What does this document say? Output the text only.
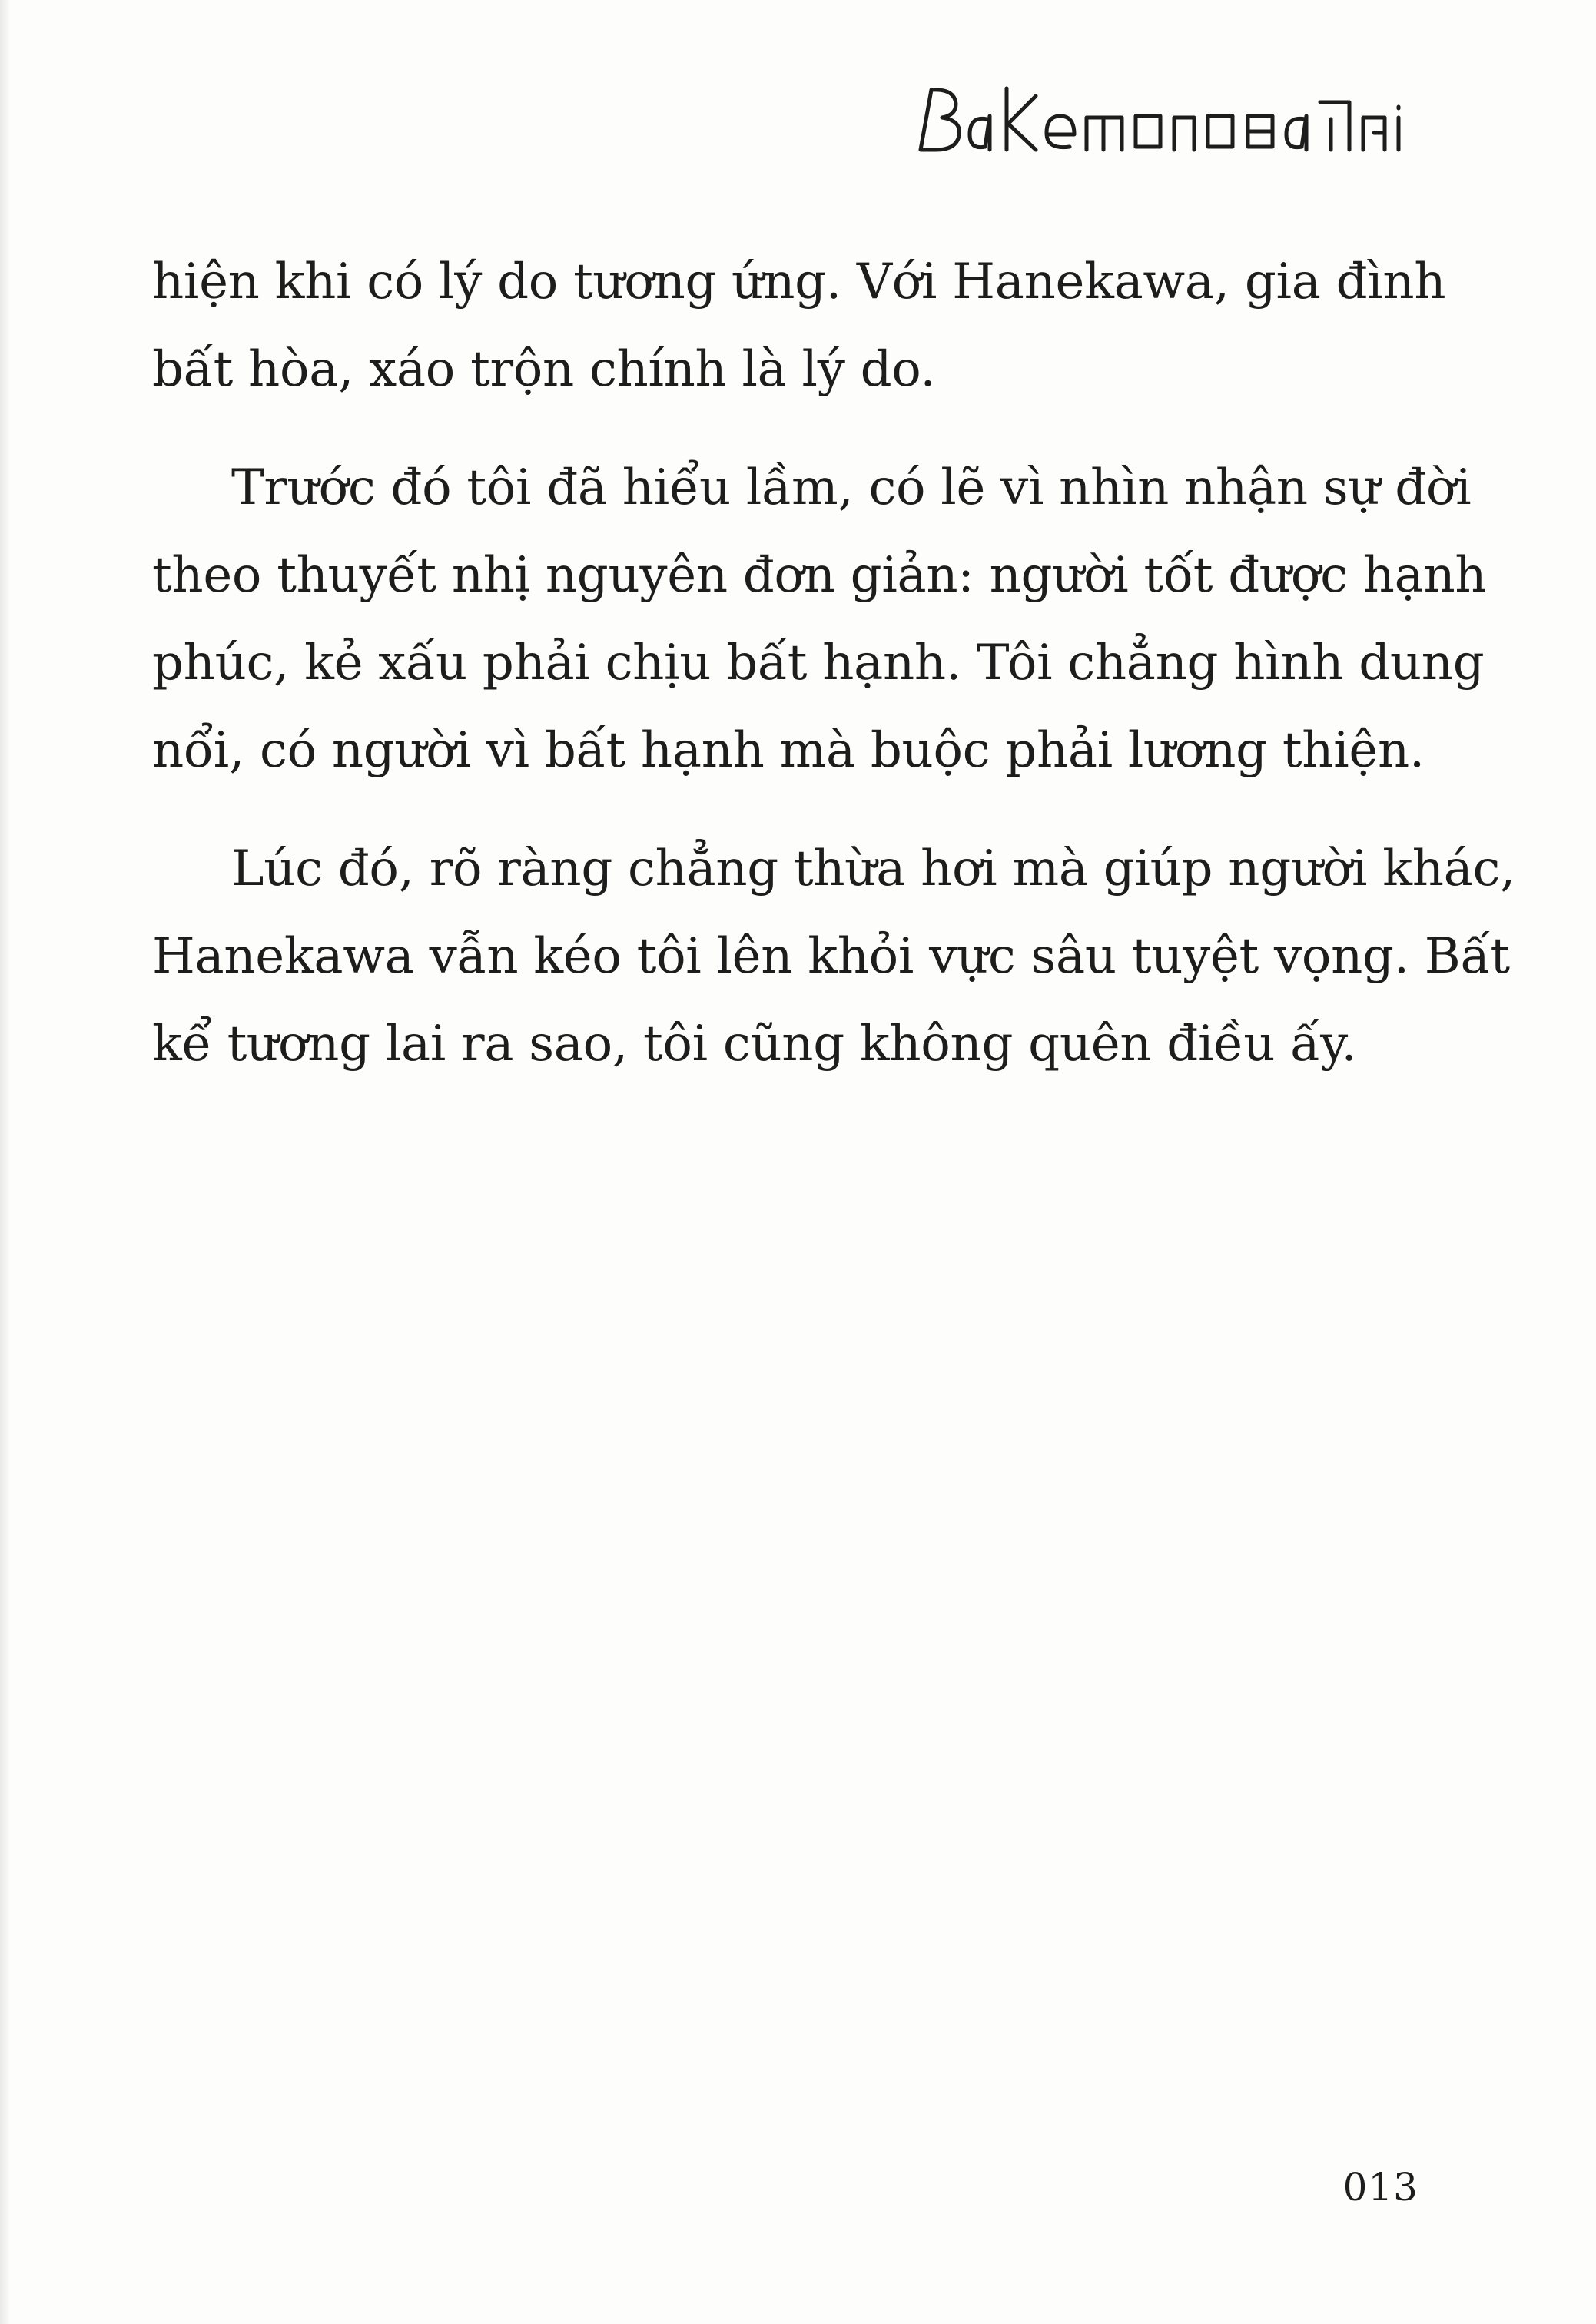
hiện khi có lý do tương ứng. Với Hanekawa, gia đình
bất hòa, xáo trộn chính là lý do.
Trước đó tôi đã hiểu lầm, có lẽ vì nhìn nhận sự đời
theo thuyết nhị nguyên đơn giản: người tốt được hạnh
phúc, kẻ xấu phải chịu bất hạnh. Tôi chẳng hình dung
nổi, có người vì bất hạnh mà buộc phải lương thiện.
Lúc đó, rõ ràng chẳng thừa hơi mà giúp người khác,
Hanekawa vẫn kéo tôi lên khỏi vực sâu tuyệt vọng. Bất
kể tương lai ra sao, tôi cũng không quên điều ấy.
013
